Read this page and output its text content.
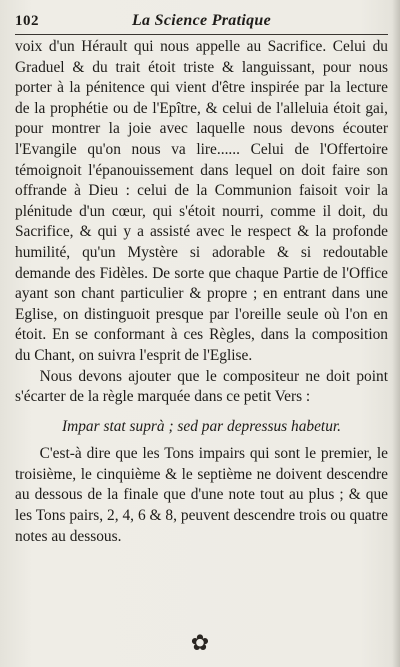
102	La Science Pratique

voix d'un Hérault qui nous appelle au Sacrifice. Celui du Graduel & du trait étoit triste & languissant, pour nous porter à la pénitence qui vient d'être inspirée par la lecture de la prophétie ou de l'Epître, & celui de l'alleluia étoit gai, pour montrer la joie avec laquelle nous devons écouter l'Evangile qu'on nous va lire...... Celui de l'Offertoire témoignoit l'épanouissement dans lequel on doit faire son offrande à Dieu : celui de la Communion faisoit voir la plénitude d'un cœur, qui s'étoit nourri, comme il doit, du Sacrifice, & qui y a assisté avec le respect & la profonde humilité, qu'un Mystère si adorable & si redoutable demande des Fidèles. De sorte que chaque Partie de l'Office ayant son chant particulier & propre ; en entrant dans une Eglise, on distinguoit presque par l'oreille seule où l'on en étoit. En se conformant à ces Règles, dans la composition du Chant, on suivra l'esprit de l'Eglise.

Nous devons ajouter que le compositeur ne doit point s'écarter de la règle marquée dans ce petit Vers :

Impar stat suprà ; sed par depressus habetur.

C'est-à dire que les Tons impairs qui sont le premier, le troisième, le cinquième & le septième ne doivent descendre au dessous de la finale que d'une note tout au plus ; & que les Tons pairs, 2, 4, 6 & 8, peuvent descendre trois ou quatre notes au dessous.

✿
